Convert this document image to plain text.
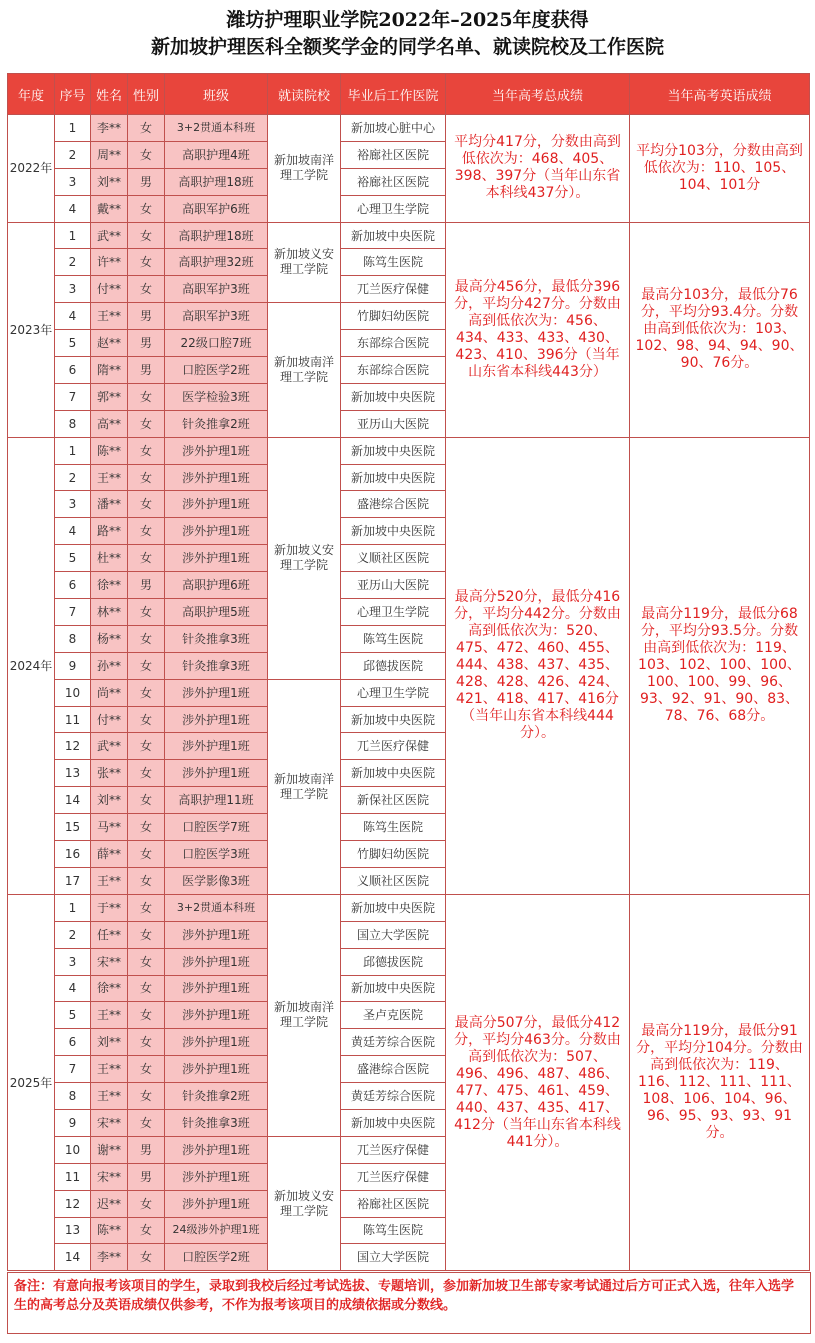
潍坊护理职业学院2022年–2025年度获得
新加坡护理医科全额奖学金的同学名单、就读院校及工作医院
年度	序号	姓名	性别	班级	就读院校	毕业后工作医院	当年高考总成绩	当年高考英语成绩
2022年	1	李**	女	3+2贯通本科班	新加坡南洋理工学院	新加坡心脏中心	平均分417分，分数由高到低依次为：468、405、398、397分（当年山东省本科线437分）。	平均分103分，分数由高到低依次为：110、105、104、101分
	2	周**	女	高职护理4班		裕廊社区医院		
	3	刘**	男	高职护理18班		裕廊社区医院		
	4	戴**	女	高职军护6班		心理卫生学院		
2023年	1	武**	女	高职护理18班	新加坡义安理工学院	新加坡中央医院	最高分456分，最低分396分，平均分427分。分数由高到低依次为：456、434、433、433、430、423、410、396分（当年山东省本科线443分）	最高分103分，最低分76分，平均分93.4分。分数由高到低依次为：103、102、98、94、94、90、90、76分。
	2	许**	女	高职护理32班		陈笃生医院		
	3	付**	女	高职军护3班		兀兰医疗保健		
	4	王**	男	高职军护3班	新加坡南洋理工学院	竹脚妇幼医院		
	5	赵**	男	22级口腔7班		东部综合医院		
	6	隋**	男	口腔医学2班		东部综合医院		
	7	郭**	女	医学检验3班		新加坡中央医院		
	8	高**	女	针灸推拿2班		亚历山大医院		
2024年	1	陈**	女	涉外护理1班	新加坡义安理工学院	新加坡中央医院	最高分520分，最低分416分，平均分442分。分数由高到低依次为：520、475、472、460、455、444、438、437、435、428、428、426、424、421、418、417、416分（当年山东省本科线444分）。	最高分119分，最低分68分，平均分93.5分。分数由高到低依次为：119、103、102、100、100、100、100、99、96、93、92、91、90、83、78、76、68分。
	2	王**	女	涉外护理1班		新加坡中央医院		
	3	潘**	女	涉外护理1班		盛港综合医院		
	4	路**	女	涉外护理1班		新加坡中央医院		
	5	杜**	女	涉外护理1班		义顺社区医院		
	6	徐**	男	高职护理6班		亚历山大医院		
	7	林**	女	高职护理5班		心理卫生学院		
	8	杨**	女	针灸推拿3班		陈笃生医院		
	9	孙**	女	针灸推拿3班		邱德拔医院		
	10	尚**	女	涉外护理1班	新加坡南洋理工学院	心理卫生学院		
	11	付**	女	涉外护理1班		新加坡中央医院		
	12	武**	女	涉外护理1班		兀兰医疗保健		
	13	张**	女	涉外护理1班		新加坡中央医院		
	14	刘**	女	高职护理11班		新保社区医院		
	15	马**	女	口腔医学7班		陈笃生医院		
	16	薛**	女	口腔医学3班		竹脚妇幼医院		
	17	王**	女	医学影像3班		义顺社区医院		
2025年	1	于**	女	3+2贯通本科班	新加坡南洋理工学院	新加坡中央医院	最高分507分，最低分412分，平均分463分。分数由高到低依次为：507、496、496、487、486、477、475、461、459、440、437、435、417、412分（当年山东省本科线441分）。	最高分119分，最低分91分，平均分104分。分数由高到低依次为：119、116、112、111、111、108、106、104、96、96、95、93、93、91分。
	2	任**	女	涉外护理1班		国立大学医院		
	3	宋**	女	涉外护理1班		邱德拔医院		
	4	徐**	女	涉外护理1班		新加坡中央医院		
	5	王**	女	涉外护理1班		圣卢克医院		
	6	刘**	女	涉外护理1班		黄廷芳综合医院		
	7	王**	女	涉外护理1班		盛港综合医院		
	8	王**	女	针灸推拿2班		黄廷芳综合医院		
	9	宋**	女	针灸推拿3班		新加坡中央医院		
	10	谢**	男	涉外护理1班	新加坡义安理工学院	兀兰医疗保健		
	11	宋**	男	涉外护理1班		兀兰医疗保健		
	12	迟**	女	涉外护理1班		裕廊社区医院		
	13	陈**	女	24级涉外护理1班		陈笃生医院		
	14	李**	女	口腔医学2班		国立大学医院		
备注：有意向报考该项目的学生，录取到我校后经过考试选拔、专题培训，参加新加坡卫生部专家考试通过后方可正式入选，往年入选学生的高考总分及英语成绩仅供参考，不作为报考该项目的成绩依据或分数线。
